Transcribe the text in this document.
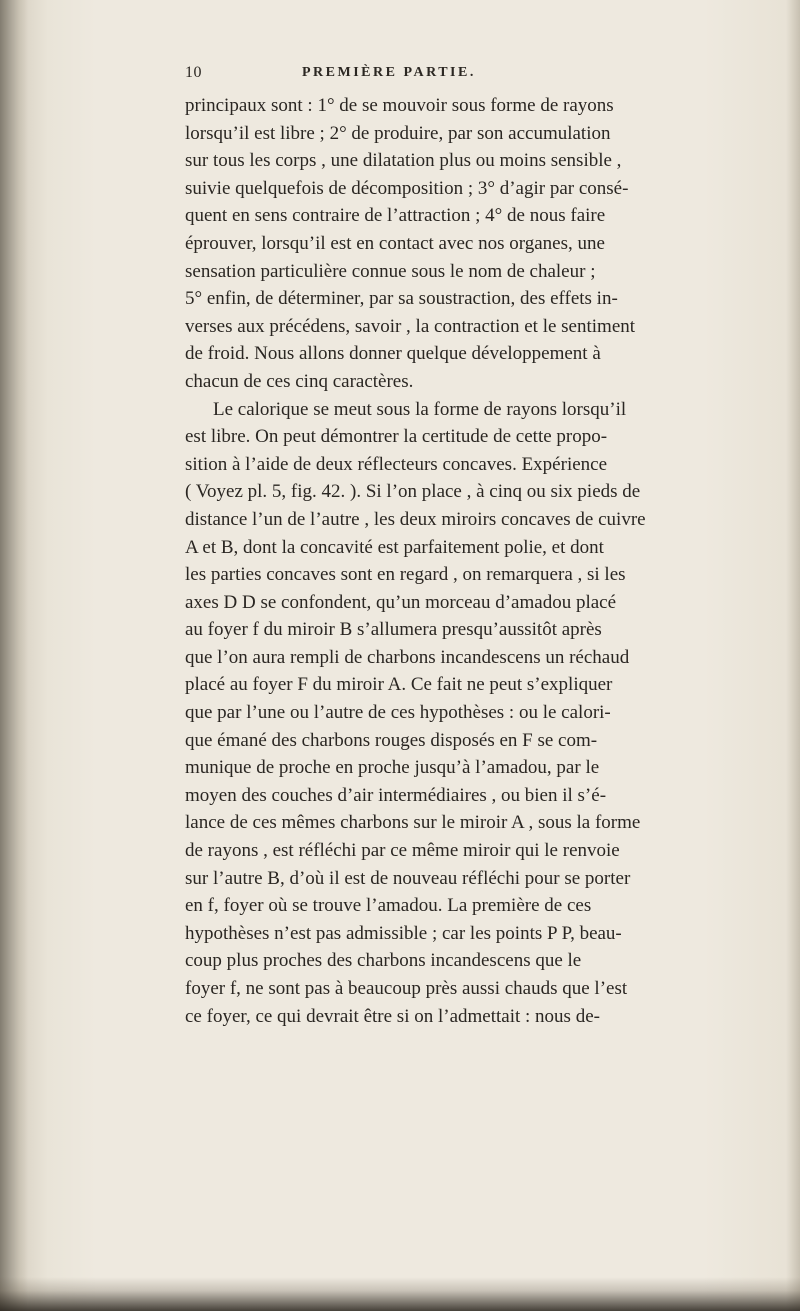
10	PREMIÈRE PARTIE.
principaux sont : 1° de se mouvoir sous forme de rayons
lorsqu’il est libre ; 2° de produire, par son accumulation
sur tous les corps , une dilatation plus ou moins sensible ,
suivie quelquefois de décomposition ; 3° d’agir par consé-
quent en sens contraire de l’attraction ; 4° de nous faire
éprouver, lorsqu’il est en contact avec nos organes, une
sensation particulière connue sous le nom de chaleur ;
5° enfin, de déterminer, par sa soustraction, des effets in-
verses aux précédens, savoir , la contraction et le sentiment
de froid. Nous allons donner quelque développement à
chacun de ces cinq caractères.
Le calorique se meut sous la forme de rayons lorsqu’il
est libre. On peut démontrer la certitude de cette propo-
sition à l’aide de deux réflecteurs concaves. Expérience
( Voyez pl. 5, fig. 42. ). Si l’on place , à cinq ou six pieds de
distance l’un de l’autre , les deux miroirs concaves de cuivre
A et B, dont la concavité est parfaitement polie, et dont
les parties concaves sont en regard , on remarquera , si les
axes D D se confondent, qu’un morceau d’amadou placé
au foyer f du miroir B s’allumera presqu’aussitôt après
que l’on aura rempli de charbons incandescens un réchaud
placé au foyer F du miroir A. Ce fait ne peut s’expliquer
que par l’une ou l’autre de ces hypothèses : ou le calori-
que émané des charbons rouges disposés en F se com-
munique de proche en proche jusqu’à l’amadou, par le
moyen des couches d’air intermédiaires , ou bien il s’é-
lance de ces mêmes charbons sur le miroir A , sous la forme
de rayons , est réfléchi par ce même miroir qui le renvoie
sur l’autre B, d’où il est de nouveau réfléchi pour se porter
en f, foyer où se trouve l’amadou. La première de ces
hypothèses n’est pas admissible ; car les points P P, beau-
coup plus proches des charbons incandescens que le
foyer f, ne sont pas à beaucoup près aussi chauds que l’est
ce foyer, ce qui devrait être si on l’admettait : nous de-
